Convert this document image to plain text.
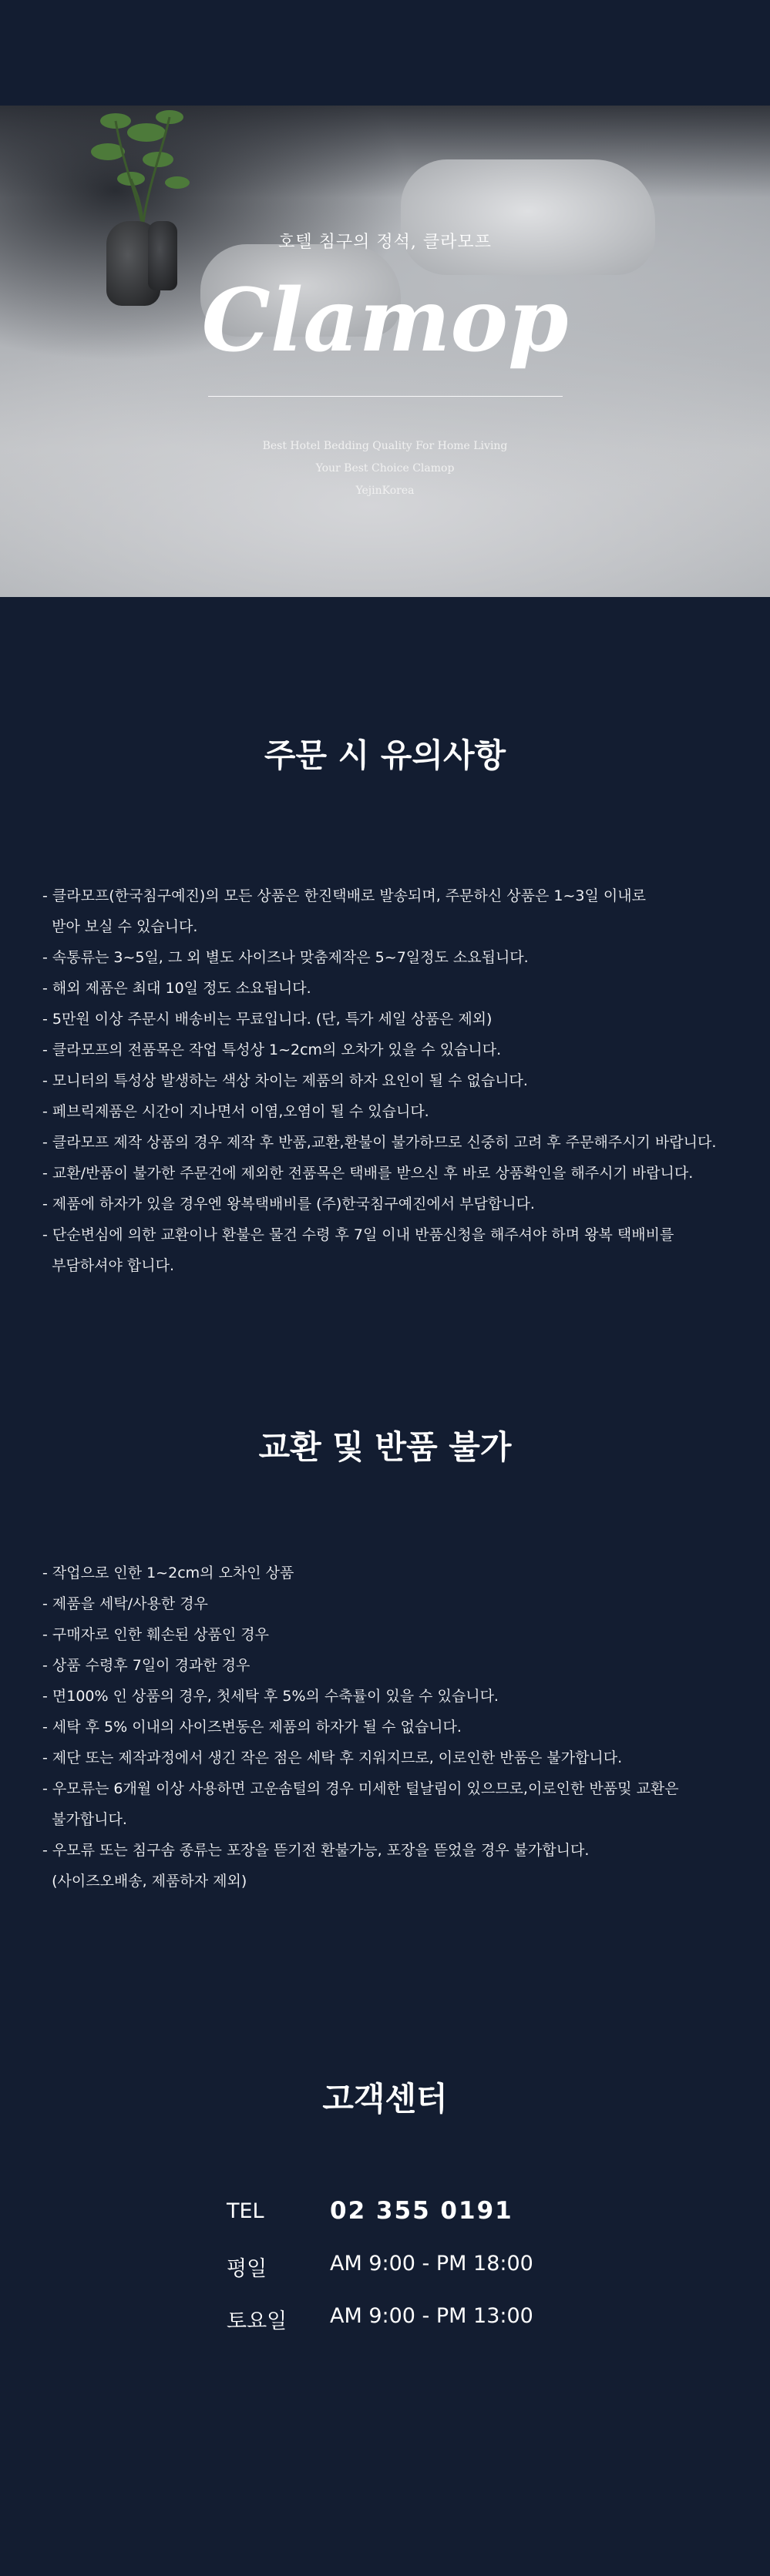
호텔 침구의 정석, 클라모프
Clamop
Best Hotel Bedding Quality For Home Living
Your Best Choice Clamop
YejinKorea
주문 시 유의사항
- 클라모프(한국침구예진)의 모든 상품은 한진택배로 발송되며, 주문하신 상품은 1~3일 이내로
받아 보실 수 있습니다.
- 속통류는 3~5일, 그 외 별도 사이즈나 맞춤제작은 5~7일정도 소요됩니다.
- 해외 제품은 최대 10일 정도 소요됩니다.
- 5만원 이상 주문시 배송비는 무료입니다. (단, 특가 세일 상품은 제외)
- 클라모프의 전품목은 작업 특성상 1~2cm의 오차가 있을 수 있습니다.
- 모니터의 특성상 발생하는 색상 차이는 제품의 하자 요인이 될 수 없습니다.
- 페브릭제품은 시간이 지나면서 이염,오염이 될 수 있습니다.
- 클라모프 제작 상품의 경우 제작 후 반품,교환,환불이 불가하므로 신중히 고려 후 주문해주시기 바랍니다.
- 교환/반품이 불가한 주문건에 제외한 전품목은 택배를 받으신 후 바로 상품확인을 해주시기 바랍니다.
- 제품에 하자가 있을 경우엔 왕복택배비를 (주)한국침구예진에서 부담합니다.
- 단순변심에 의한 교환이나 환불은 물건 수령 후 7일 이내 반품신청을 해주셔야 하며 왕복 택배비를
부담하셔야 합니다.
교환 및 반품 불가
- 작업으로 인한 1~2cm의 오차인 상품
- 제품을 세탁/사용한 경우
- 구매자로 인한 훼손된 상품인 경우
- 상품 수령후 7일이 경과한 경우
- 면100% 인 상품의 경우, 첫세탁 후 5%의 수축률이 있을 수 있습니다.
- 세탁 후 5% 이내의 사이즈변동은 제품의 하자가 될 수 없습니다.
- 제단 또는 제작과정에서 생긴 작은 점은 세탁 후 지워지므로, 이로인한 반품은 불가합니다.
- 우모류는 6개월 이상 사용하면 고운솜털의 경우 미세한 털날림이 있으므로,이로인한 반품및 교환은
불가합니다.
- 우모류 또는 침구솜 종류는 포장을 뜯기전 환불가능, 포장을 뜯었을 경우 불가합니다.
(사이즈오배송, 제품하자 제외)
고객센터
TEL	02 355 0191
평일	AM 9:00 - PM 18:00
토요일 AM 9:00 - PM 13:00
